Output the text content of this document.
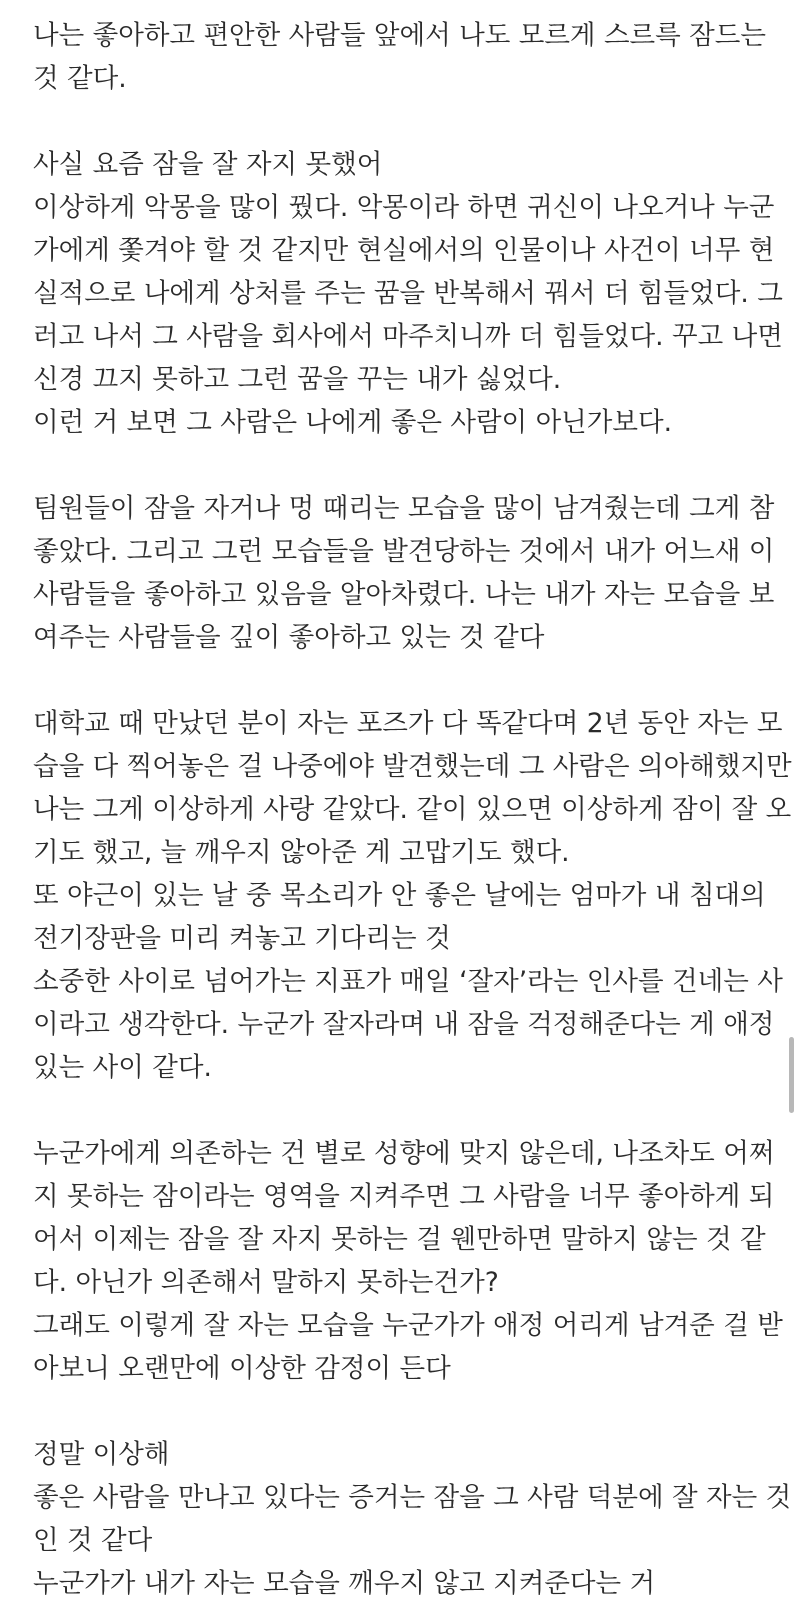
나는 좋아하고 편안한 사람들 앞에서 나도 모르게 스르륵 잠드는
것 같다.
사실 요즘 잠을 잘 자지 못했어
이상하게 악몽을 많이 꿨다. 악몽이라 하면 귀신이 나오거나 누군
가에게 쫓겨야 할 것 같지만 현실에서의 인물이나 사건이 너무 현
실적으로 나에게 상처를 주는 꿈을 반복해서 꿔서 더 힘들었다. 그
러고 나서 그 사람을 회사에서 마주치니까 더 힘들었다. 꾸고 나면
신경 끄지 못하고 그런 꿈을 꾸는 내가 싫었다.
이런 거 보면 그 사람은 나에게 좋은 사람이 아닌가보다.
팀원들이 잠을 자거나 멍 때리는 모습을 많이 남겨줬는데 그게 참
좋았다. 그리고 그런 모습들을 발견당하는 것에서 내가 어느새 이
사람들을 좋아하고 있음을 알아차렸다. 나는 내가 자는 모습을 보
여주는 사람들을 깊이 좋아하고 있는 것 같다
대학교 때 만났던 분이 자는 포즈가 다 똑같다며 2년 동안 자는 모
습을 다 찍어놓은 걸 나중에야 발견했는데 그 사람은 의아해했지만
나는 그게 이상하게 사랑 같았다. 같이 있으면 이상하게 잠이 잘 오
기도 했고, 늘 깨우지 않아준 게 고맙기도 했다.
또 야근이 있는 날 중 목소리가 안 좋은 날에는 엄마가 내 침대의
전기장판을 미리 켜놓고 기다리는 것
소중한 사이로 넘어가는 지표가 매일 ‘잘자’라는 인사를 건네는 사
이라고 생각한다. 누군가 잘자라며 내 잠을 걱정해준다는 게 애정
있는 사이 같다.
누군가에게 의존하는 건 별로 성향에 맞지 않은데, 나조차도 어쩌
지 못하는 잠이라는 영역을 지켜주면 그 사람을 너무 좋아하게 되
어서 이제는 잠을 잘 자지 못하는 걸 웬만하면 말하지 않는 것 같
다. 아닌가 의존해서 말하지 못하는건가?
그래도 이렇게 잘 자는 모습을 누군가가 애정 어리게 남겨준 걸 받
아보니 오랜만에 이상한 감정이 든다
정말 이상해
좋은 사람을 만나고 있다는 증거는 잠을 그 사람 덕분에 잘 자는 것
인 것 같다
누군가가 내가 자는 모습을 깨우지 않고 지켜준다는 거
